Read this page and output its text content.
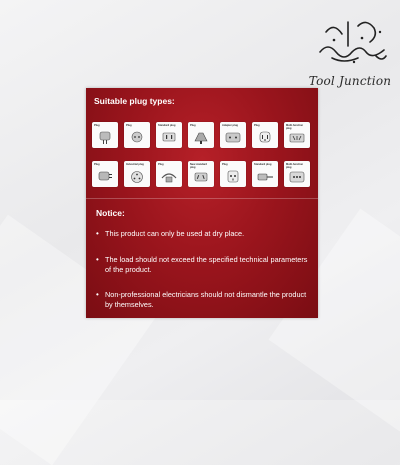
Tool Junction
Suitable plug types:
Plug	Plug	Standard plug	Plug	Adapter plug	Plug	Multi-function plug
Plug	Industrial plug	Plug	New standard plug
Plug	Standard plug	Multi-function plug
Notice:
• This product can only be used at dry place.
• The load should not exceed the specified technical parameters of the product.
• Non-professional electricians should not dismantle the product by themselves.
